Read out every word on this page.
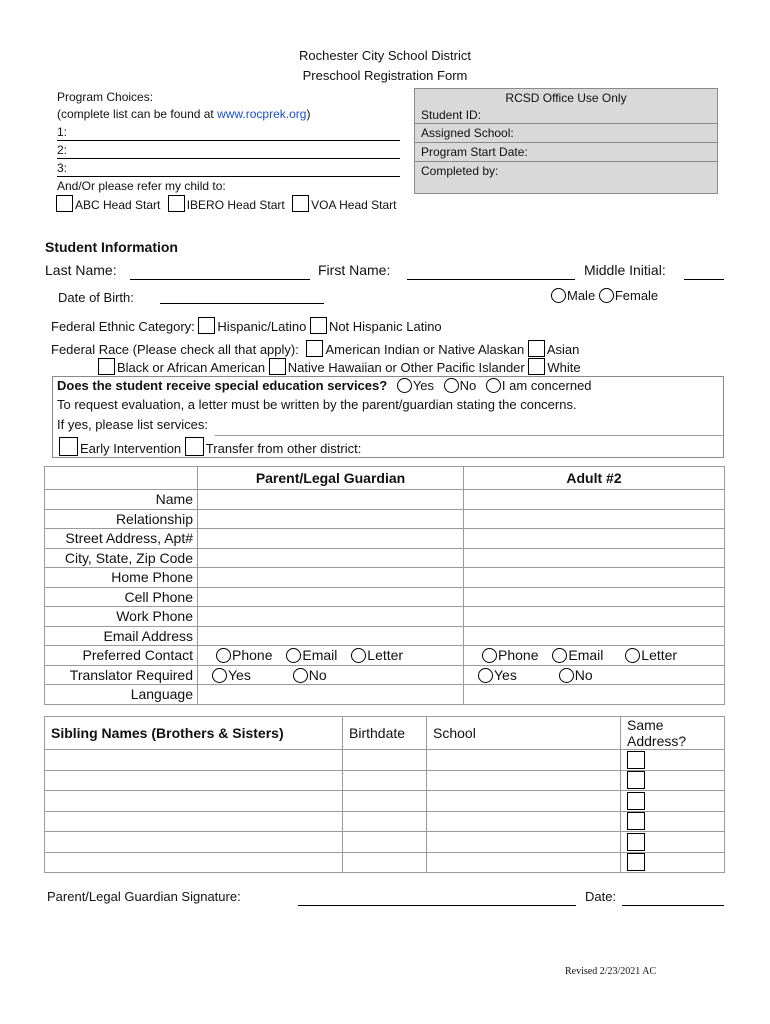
Rochester City School District
Preschool Registration Form
Program Choices:
(complete list can be found at www.rocprek.org)
1:
2:
3:
And/Or please refer my child to:
ABC Head Start IBERO Head Start VOA Head Start
RCSD Office Use Only
Student ID:
Assigned School:
Program Start Date:
Completed by:
Student Information
Last Name:	First Name:	Middle Initial:
Date of Birth:	Male Female
Federal Ethnic Category: Hispanic/Latino Not Hispanic Latino
Federal Race (Please check all that apply): American Indian or Native Alaskan Asian
Black or African American Native Hawaiian or Other Pacific Islander White
Does the student receive special education services? Yes No I am concerned
To request evaluation, a letter must be written by the parent/guardian stating the concerns.
If yes, please list services:
Early Intervention Transfer from other district:
	Parent/Legal Guardian	Adult #2
Name		
Relationship		
Street Address, Apt#		
City, State, Zip Code		
Home Phone		
Cell Phone		
Work Phone		
Email Address		
Preferred Contact	Phone Email Letter	Phone Email Letter
Translator Required	Yes No	Yes No
Language		
Sibling Names (Brothers & Sisters)	Birthdate	School	Same Address?

Parent/Legal Guardian Signature:	Date:
Revised 2/23/2021 AC
